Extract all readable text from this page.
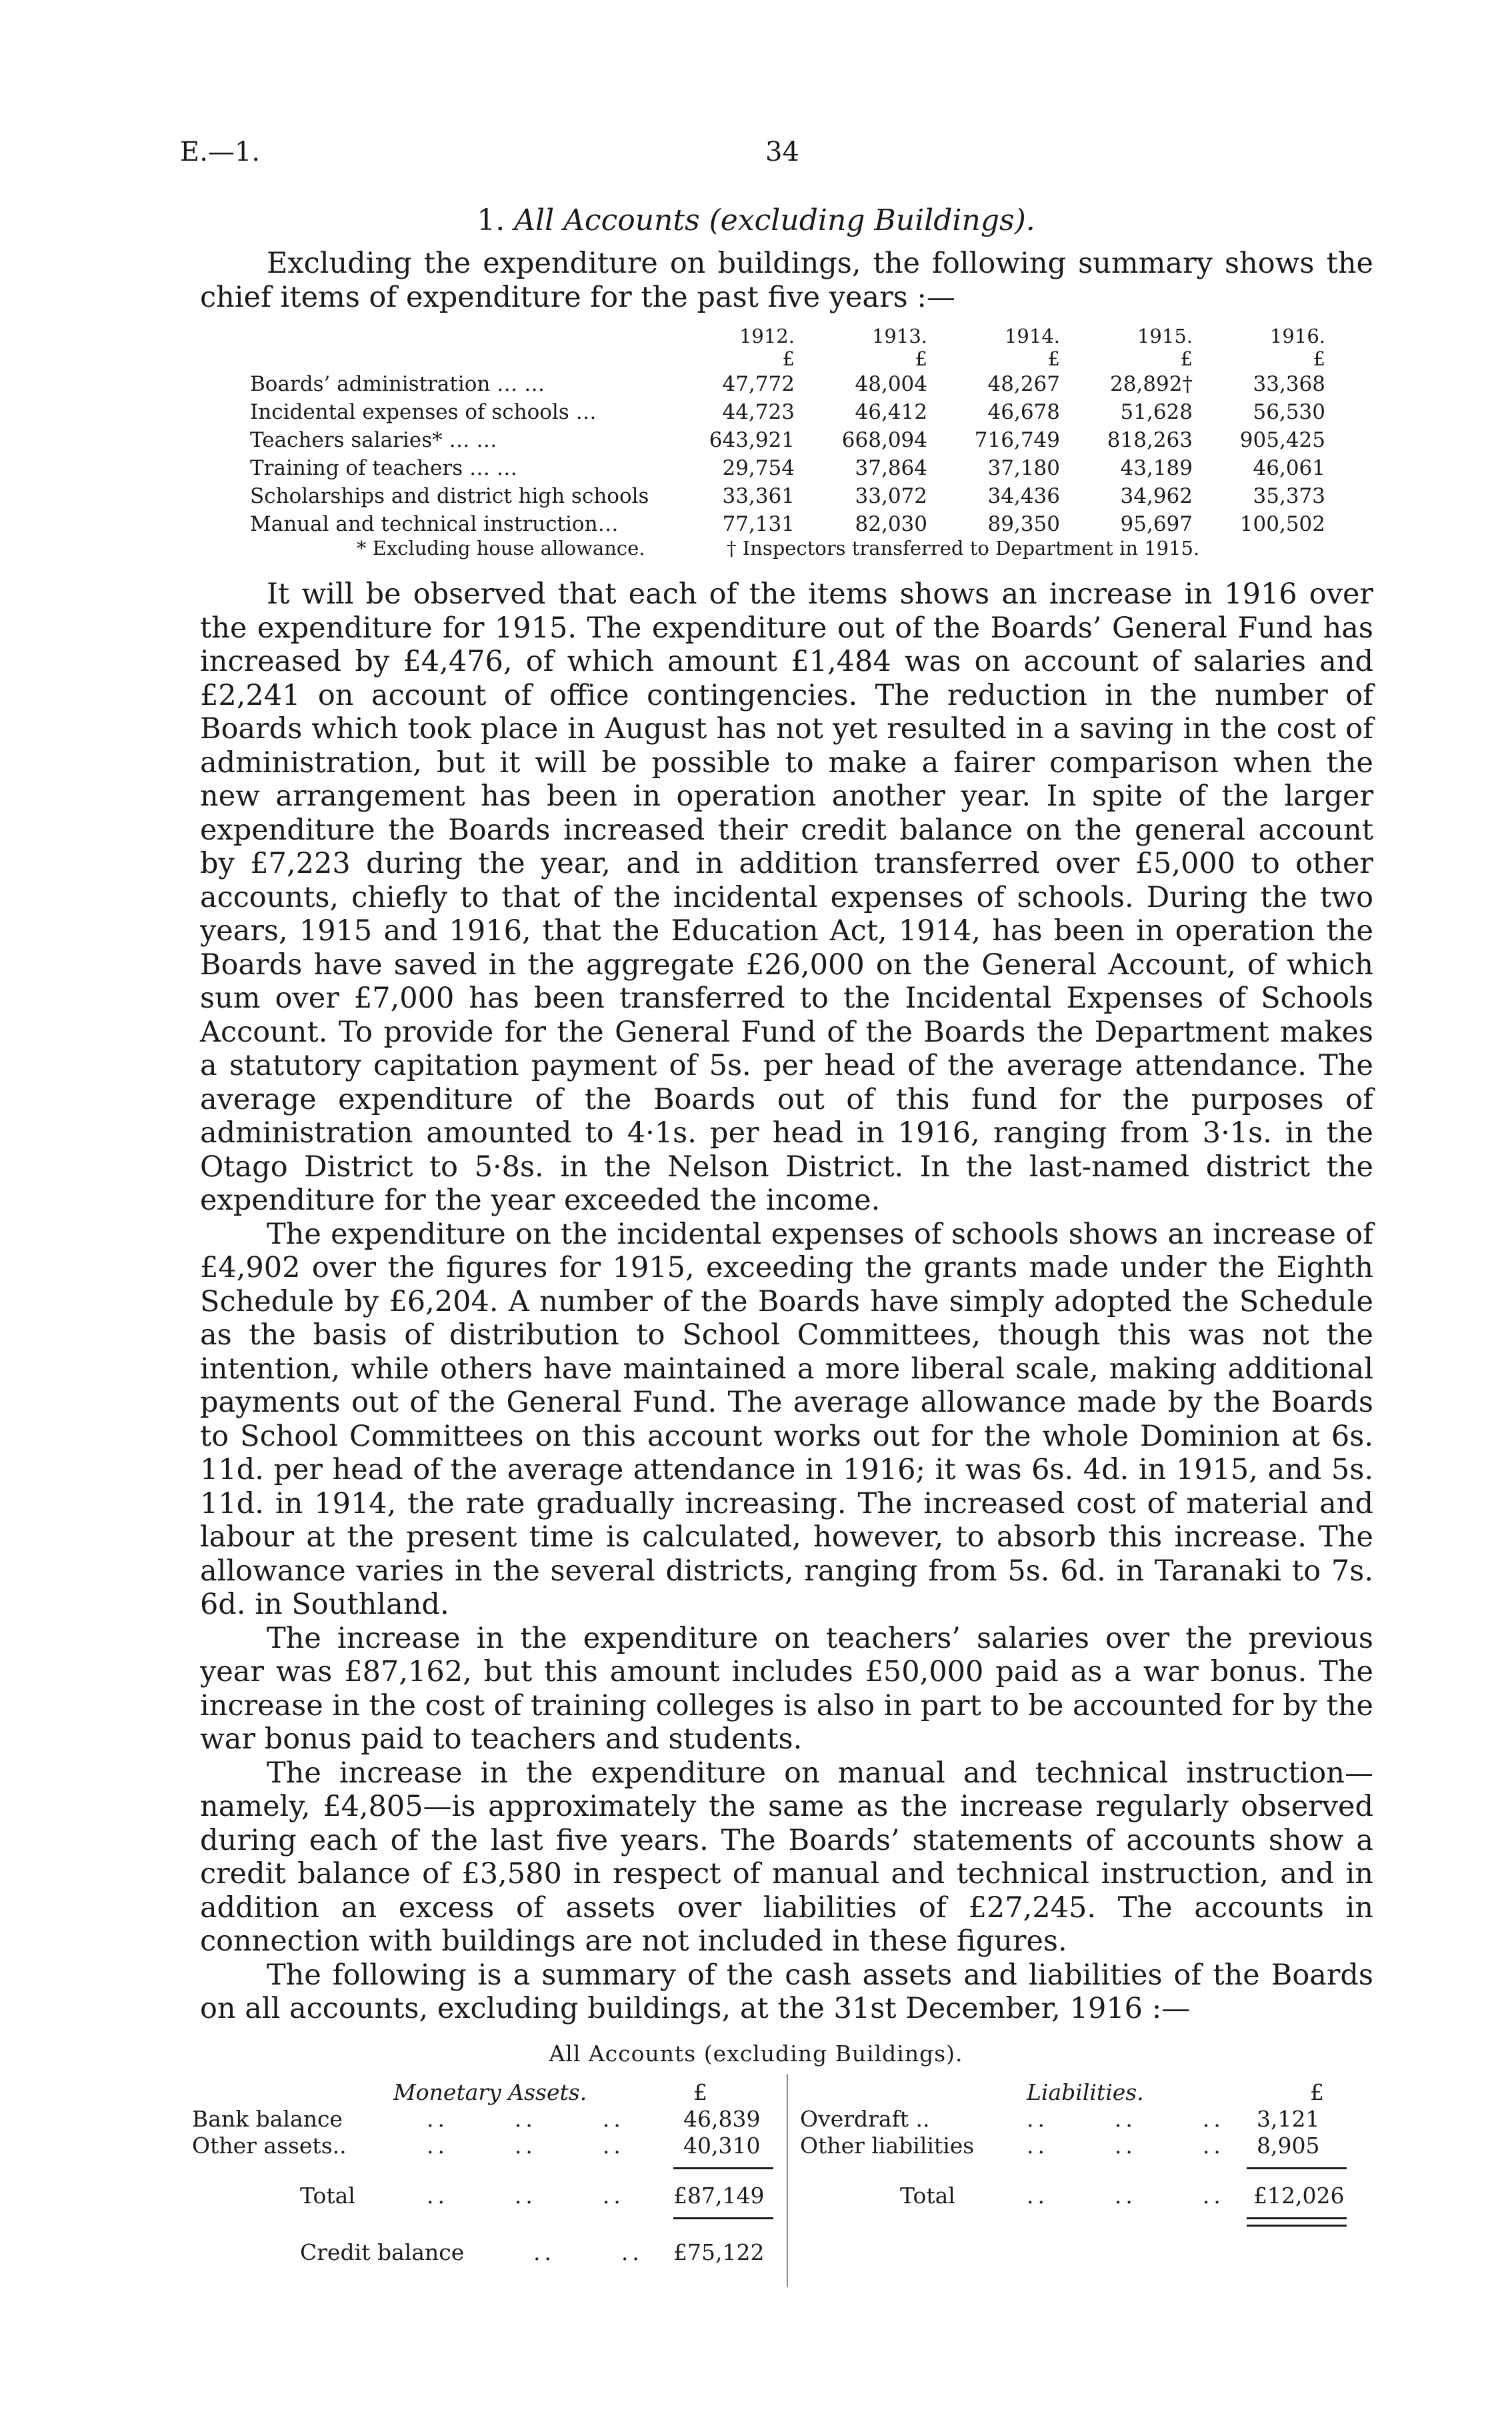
E.—1.	34
1. All Accounts (excluding Buildings).

Excluding the expenditure on buildings, the following summary shows the chief items of expenditure for the past five years :—

	1912.	1913.	1914.	1915.	1916.
	£	£	£	£	£
Boards’ administration … …	47,772	48,004	48,267	28,892†	33,368
Incidental expenses of schools …	44,723	46,412	46,678	51,628	56,530
Teachers salaries* … …	643,921	668,094	716,749	818,263	905,425
Training of teachers … …	29,754	37,864	37,180	43,189	46,061
Scholarships and district high schools	33,361	33,072	34,436	34,962	35,373
Manual and technical instruction…	77,131	82,030	89,350	95,697	100,502
* Excluding house allowance.	† Inspectors transferred to Department in 1915.

It will be observed that each of the items shows an increase in 1916 over the expenditure for 1915. The expenditure out of the Boards’ General Fund has increased by £4,476, of which amount £1,484 was on account of salaries and £2,241 on account of office contingencies. The reduction in the number of Boards which took place in August has not yet resulted in a saving in the cost of administration, but it will be possible to make a fairer comparison when the new arrangement has been in operation another year. In spite of the larger expenditure the Boards increased their credit balance on the general account by £7,223 during the year, and in addition transferred over £5,000 to other accounts, chiefly to that of the incidental expenses of schools. During the two years, 1915 and 1916, that the Education Act, 1914, has been in operation the Boards have saved in the aggregate £26,000 on the General Account, of which sum over £7,000 has been transferred to the Incidental Expenses of Schools Account. To provide for the General Fund of the Boards the Department makes a statutory capitation payment of 5s. per head of the average attendance. The average expenditure of the Boards out of this fund for the purposes of administration amounted to 4·1s. per head in 1916, ranging from 3·1s. in the Otago District to 5·8s. in the Nelson District. In the last-named district the expenditure for the year exceeded the income.

The expenditure on the incidental expenses of schools shows an increase of £4,902 over the figures for 1915, exceeding the grants made under the Eighth Schedule by £6,204. A number of the Boards have simply adopted the Schedule as the basis of distribution to School Committees, though this was not the intention, while others have maintained a more liberal scale, making additional payments out of the General Fund. The average allowance made by the Boards to School Committees on this account works out for the whole Dominion at 6s. 11d. per head of the average attendance in 1916; it was 6s. 4d. in 1915, and 5s. 11d. in 1914, the rate gradually increasing. The increased cost of material and labour at the present time is calculated, however, to absorb this increase. The allowance varies in the several districts, ranging from 5s. 6d. in Taranaki to 7s. 6d. in Southland.

The increase in the expenditure on teachers’ salaries over the previous year was £87,162, but this amount includes £50,000 paid as a war bonus. The increase in the cost of training colleges is also in part to be accounted for by the war bonus paid to teachers and students.

The increase in the expenditure on manual and technical instruction—namely, £4,805—is approximately the same as the increase regularly observed during each of the last five years. The Boards’ statements of accounts show a credit balance of £3,580 in respect of manual and technical instruction, and in addition an excess of assets over liabilities of £27,245. The accounts in connection with buildings are not included in these figures.

The following is a summary of the cash assets and liabilities of the Boards on all accounts, excluding buildings, at the 31st December, 1916 :—

All Accounts (excluding Buildings).
Monetary Assets.	£	Liabilities.	£
Bank balance	..      ..      ..	46,839 Overdraft ..	..      ..      .. 3,121
Other assets..	..      ..      ..	40,310 Other liabilities ..      ..      .. 8,905
Total	..      ..      .. £87,149	Total	..      ..      .. £12,026
Credit balance	..      .. £75,122
